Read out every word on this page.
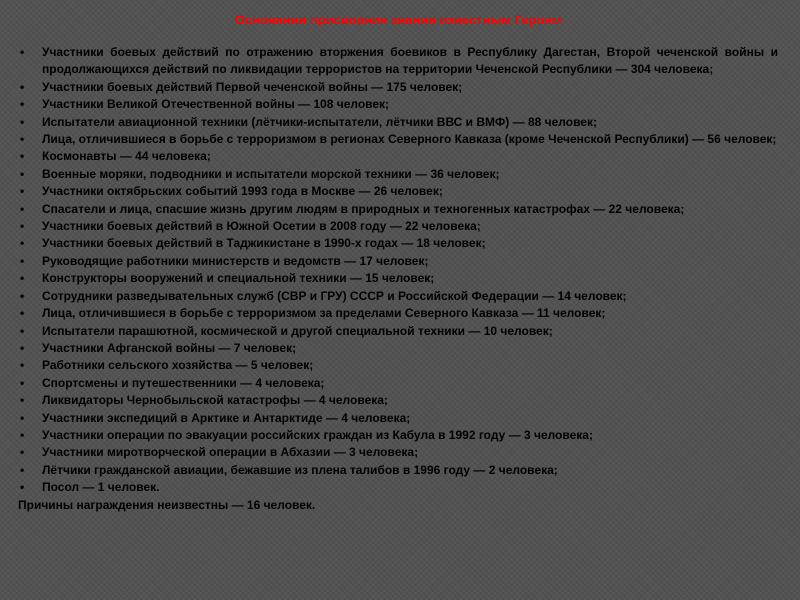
Основания присвоения звания известным Героям
•	Участники боевых действий по отражению вторжения боевиков в Республику Дагестан, Второй чеченской войны и продолжающихся действий по ликвидации террористов на территории Чеченской Республики — 304 человека;
•	Участники боевых действий Первой чеченской войны — 175 человек;
•	Участники Великой Отечественной войны — 108 человек;
•	Испытатели авиационной техники (лётчики-испытатели, лётчики ВВС и ВМФ) — 88 человек;
•	Лица, отличившиеся в борьбе с терроризмом в регионах Северного Кавказа (кроме Чеченской Республики) — 56 человек;
•	Космонавты — 44 человека;
•	Военные моряки, подводники и испытатели морской техники — 36 человек;
•	Участники октябрьских событий 1993 года в Москве — 26 человек;
•	Спасатели и лица, спасшие жизнь другим людям в природных и техногенных катастрофах — 22 человека;
•	Участники боевых действий в Южной Осетии в 2008 году — 22 человека;
•	Участники боевых действий в Таджикистане в 1990-х годах — 18 человек;
•	Руководящие работники министерств и ведомств — 17 человек;
•	Конструкторы вооружений и специальной техники — 15 человек;
•	Сотрудники разведывательных служб (СВР и ГРУ) СССР и Российской Федерации — 14 человек;
•	Лица, отличившиеся в борьбе с терроризмом за пределами Северного Кавказа — 11 человек;
•	Испытатели парашютной, космической и другой специальной техники — 10 человек;
•	Участники Афганской войны — 7 человек;
•	Работники сельского хозяйства — 5 человек;
•	Спортсмены и путешественники — 4 человека;
•	Ликвидаторы Чернобыльской катастрофы — 4 человека;
•	Участники экспедиций в Арктике и Антарктиде — 4 человека;
•	Участники операции по эвакуации российских граждан из Кабула в 1992 году — 3 человека;
•	Участники миротворческой операции в Абхазии — 3 человека;
•	Лётчики гражданской авиации, бежавшие из плена талибов в 1996 году — 2 человека;
•	Посол — 1 человек.

Причины награждения неизвестны — 16 человек.
